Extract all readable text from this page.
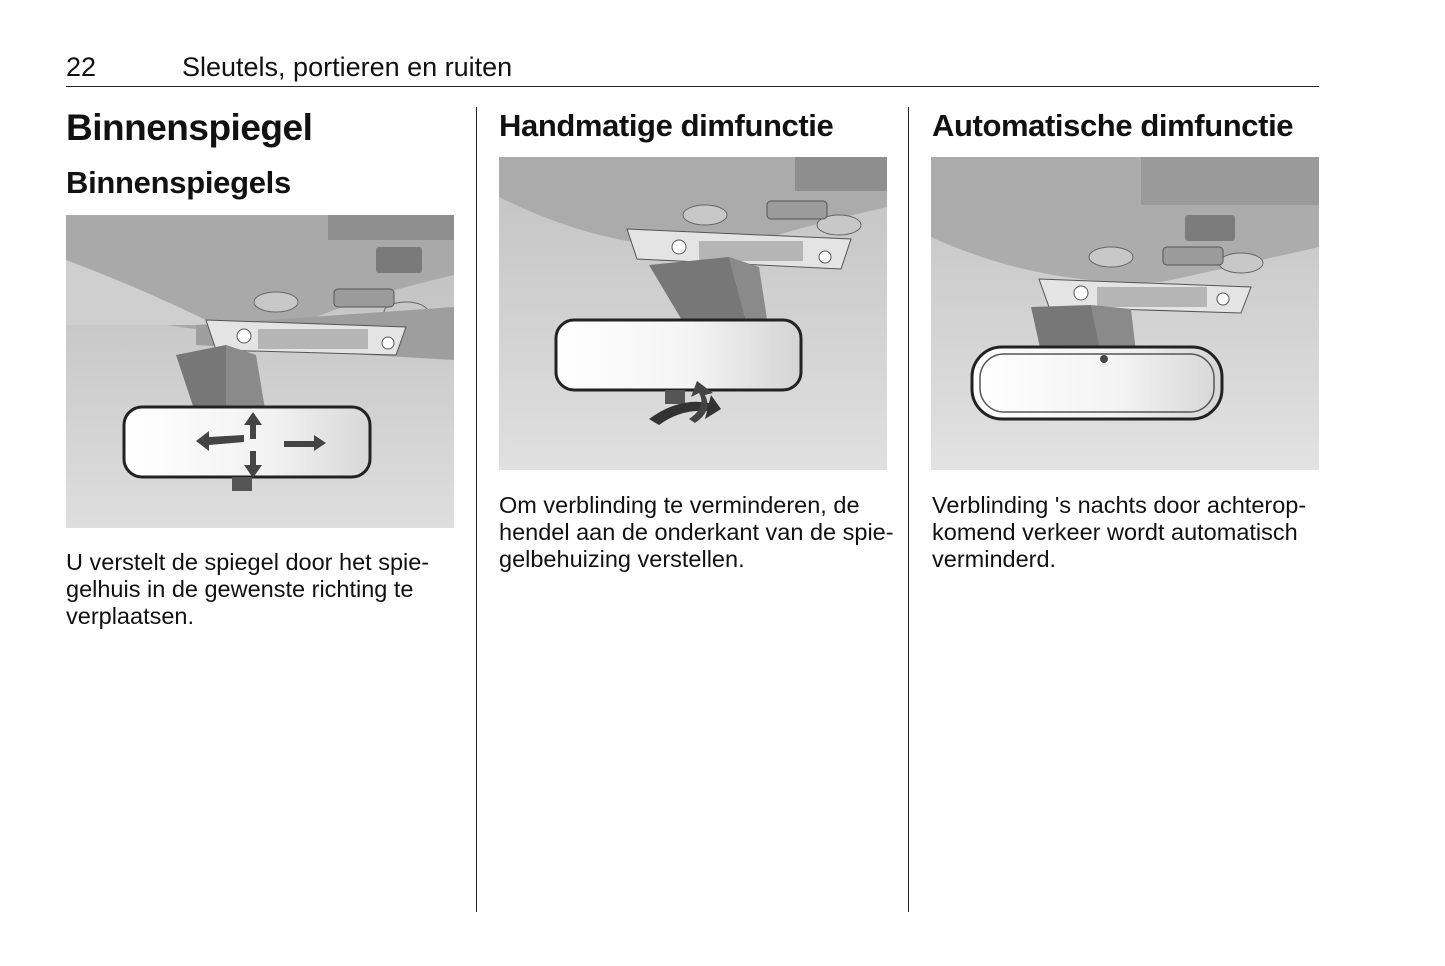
22	Sleutels, portieren en ruiten
Binnenspiegel
Binnenspiegels

U verstelt de spiegel door het spie-
gelhuis in de gewenste richting te
verplaatsen.

Handmatige dimfunctie

Om verblinding te verminderen, de
hendel aan de onderkant van de spie-
gelbehuizing verstellen.

Automatische dimfunctie

Verblinding 's nachts door achterop-
komend verkeer wordt automatisch
verminderd.
